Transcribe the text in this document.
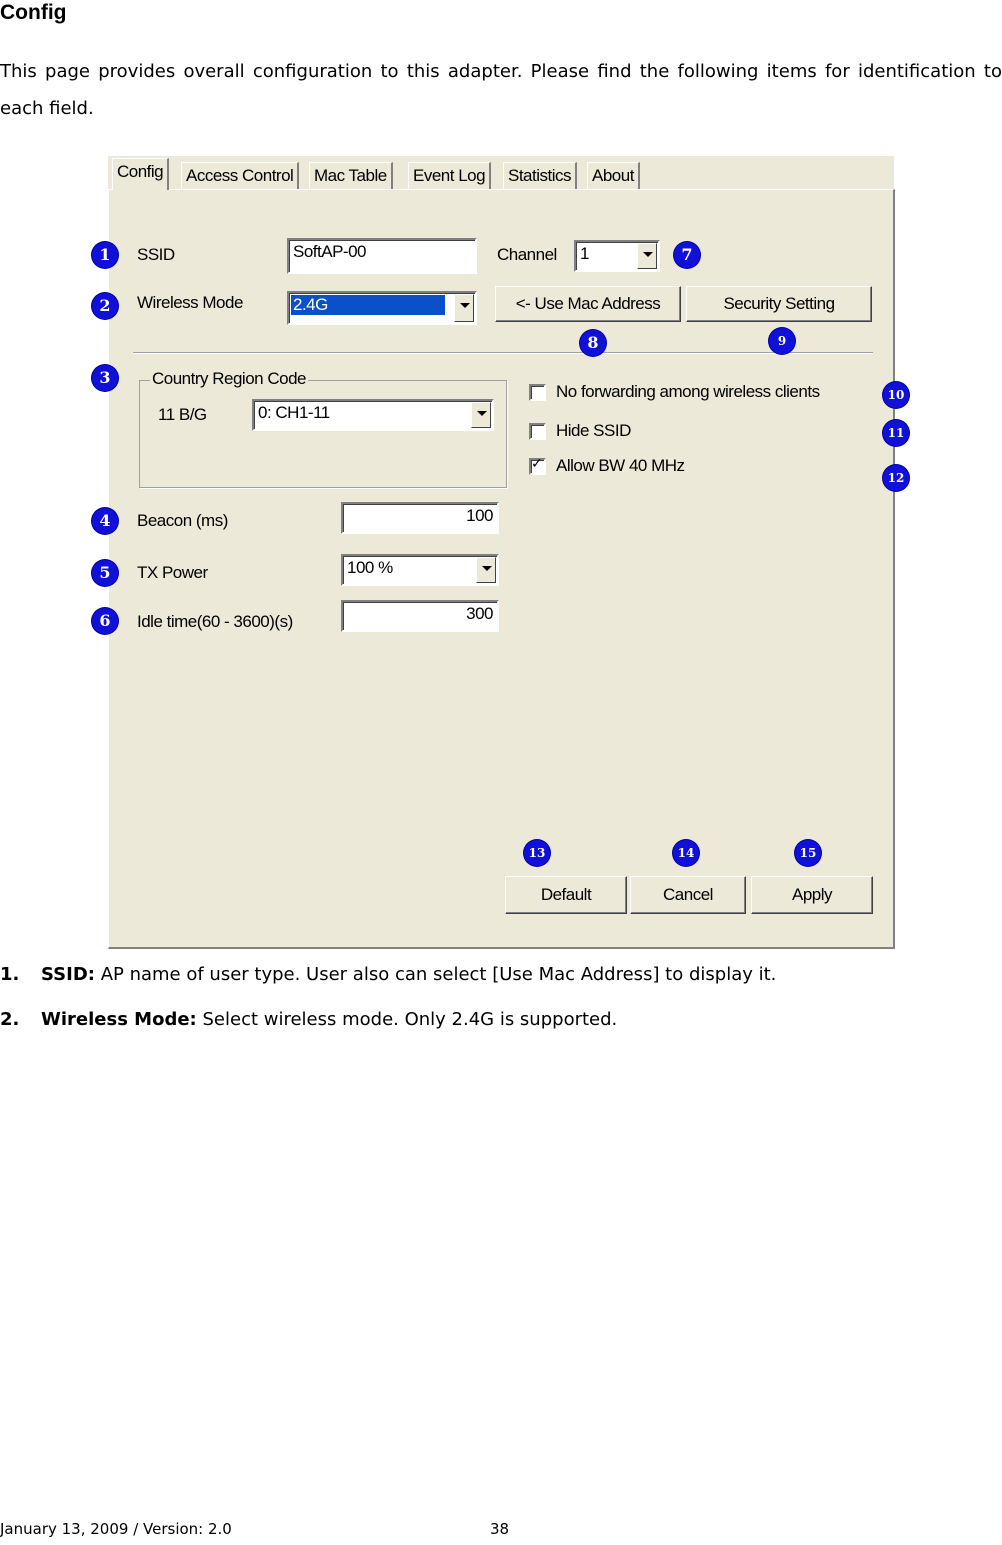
Config
This page provides overall configuration to this adapter. Please find the following items for identification to each field.
Config	Access Control	Mac Table	Event Log	Statistics	About
SSID	SoftAP-00	Channel	1
Wireless Mode	2.4G	<- Use Mac Address	Security Setting
Country Region Code
11 B/G	0: CH1-11
No forwarding among wireless clients
Hide SSID
✓
Allow BW 40 MHz
Beacon (ms)	100
TX Power	100 %
Idle time(60 - 3600)(s)	300
Default	Cancel	Apply
1
2
3
4
5
6
7
8	9
10
11
12
13	14	15
1. SSID: AP name of user type. User also can select [Use Mac Address] to display it.
2. Wireless Mode: Select wireless mode. Only 2.4G is supported.
January 13, 2009 / Version: 2.0	38
